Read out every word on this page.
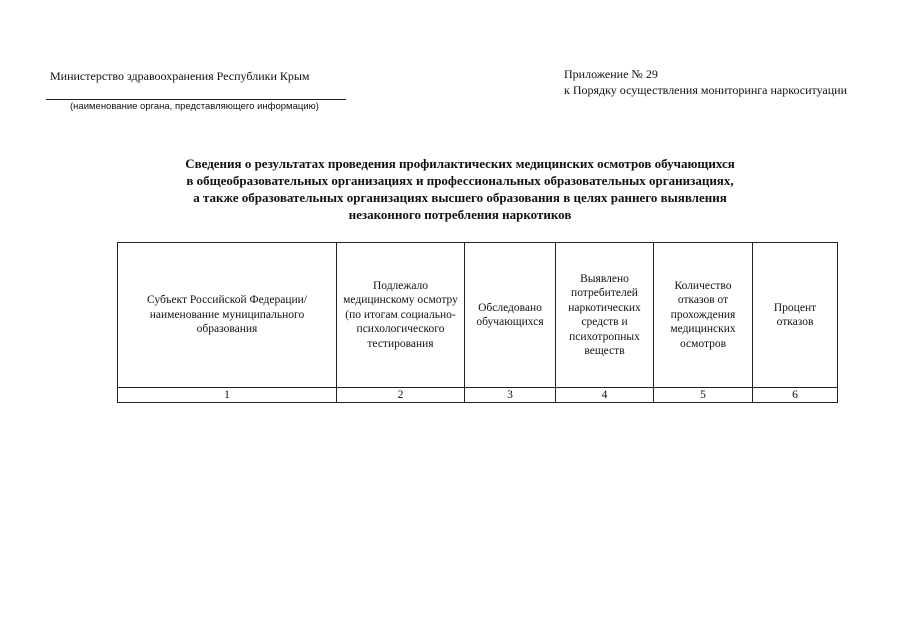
Министерство здравоохранения Республики Крым
(наименование органа, представляющего информацию)
Приложение № 29
к Порядку осуществления мониторинга наркоситуации
Сведения о результатах проведения профилактических медицинских осмотров обучающихся
в общеобразовательных организациях и профессиональных образовательных организациях,
а также образовательных организациях высшего образования в целях раннего выявления
незаконного потребления наркотиков
Субъект Российской Федерации/ наименование муниципального образования	Подлежало медицинскому осмотру (по итогам социально-психологического тестирования	Обследовано обучающихся	Выявлено потребителей наркотических средств и психотропных веществ	Количество отказов от прохождения медицинских осмотров	Процент отказов
1	2	3	4	5	6
